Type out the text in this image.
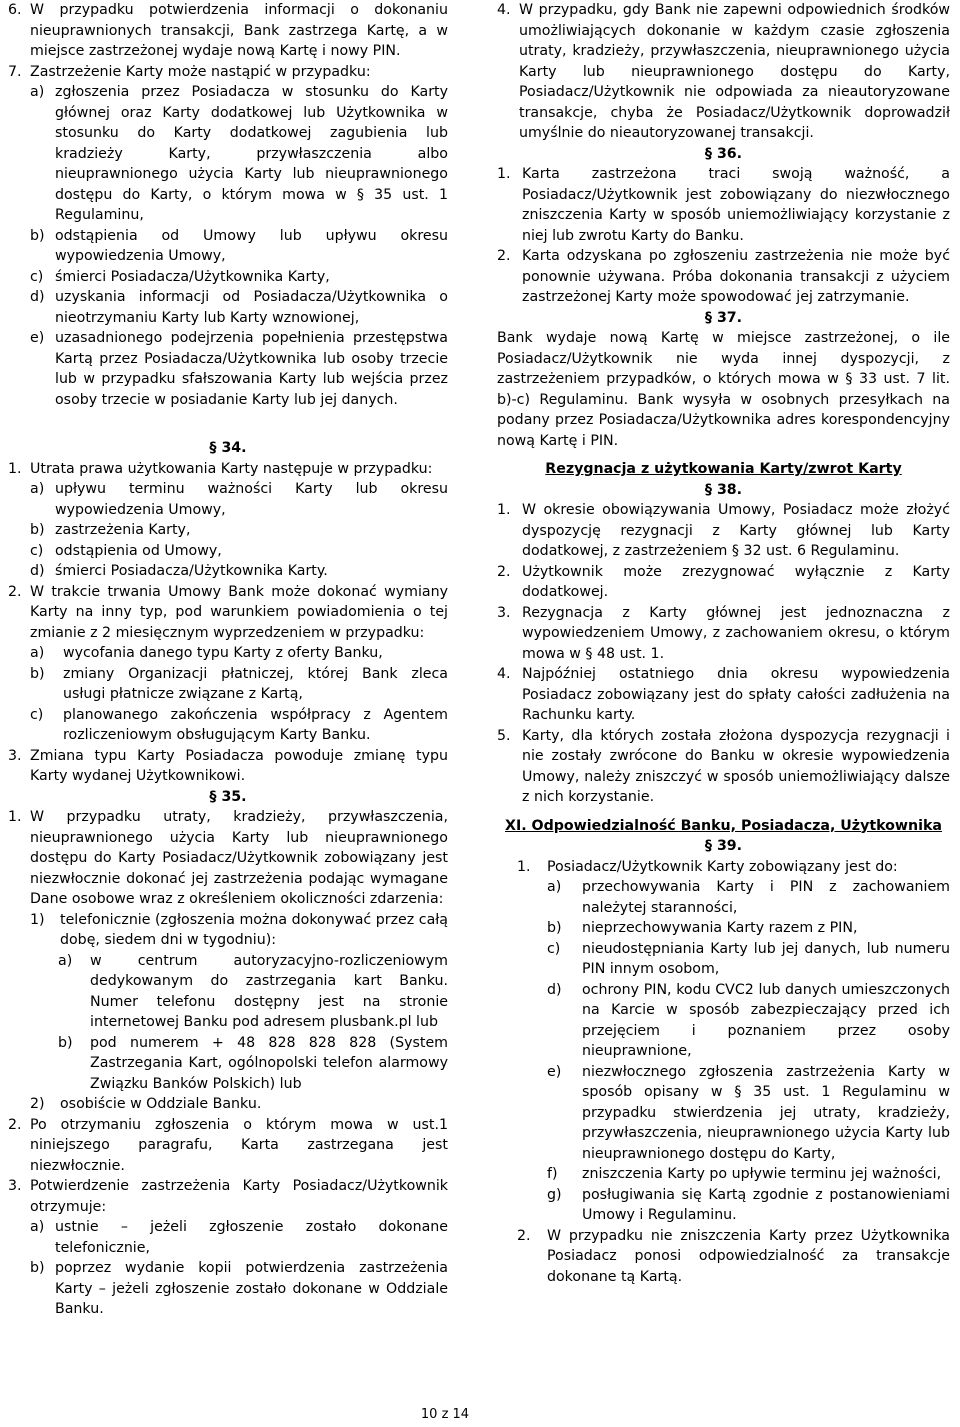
6. W przypadku potwierdzenia informacji o dokonaniu nieuprawnionych transakcji, Bank zastrzega Kartę, a w miejsce zastrzeżonej wydaje nową Kartę i nowy PIN.
7. Zastrzeżenie Karty może nastąpić w przypadku:
a) zgłoszenia przez Posiadacza w stosunku do Karty głównej oraz Karty dodatkowej lub Użytkownika w stosunku do Karty dodatkowej zagubienia lub kradzieży Karty, przywłaszczenia albo nieuprawnionego użycia Karty lub nieuprawnionego dostępu do Karty, o którym mowa w § 35 ust. 1 Regulaminu,
b) odstąpienia od Umowy lub upływu okresu wypowiedzenia Umowy,
c) śmierci Posiadacza/Użytkownika Karty,
d) uzyskania informacji od Posiadacza/Użytkownika o nieotrzymaniu Karty lub Karty wznowionej,
e) uzasadnionego podejrzenia popełnienia przestępstwa Kartą przez Posiadacza/Użytkownika lub osoby trzecie lub w przypadku sfałszowania Karty lub wejścia przez osoby trzecie w posiadanie Karty lub jej danych.

§ 34.

1. Utrata prawa użytkowania Karty następuje w przypadku:
a) upływu terminu ważności Karty lub okresu wypowiedzenia Umowy,
b) zastrzeżenia Karty,
c) odstąpienia od Umowy,
d) śmierci Posiadacza/Użytkownika Karty.
2. W trakcie trwania Umowy Bank może dokonać wymiany Karty na inny typ, pod warunkiem powiadomienia o tej zmianie z 2 miesięcznym wyprzedzeniem w przypadku:
a)	wycofania danego typu Karty z oferty Banku,
b)	zmiany Organizacji płatniczej, której Bank zleca usługi płatnicze związane z Kartą,
c)	planowanego zakończenia współpracy z Agentem rozliczeniowym obsługującym Karty Banku.
3. Zmiana typu Karty Posiadacza powoduje zmianę typu Karty wydanej Użytkownikowi.

§ 35.

1. W przypadku utraty, kradzieży, przywłaszczenia, nieuprawnionego użycia Karty lub nieuprawnionego dostępu do Karty Posiadacz/Użytkownik zobowiązany jest niezwłocznie dokonać jej zastrzeżenia podając wymagane Dane osobowe wraz z określeniem okoliczności zdarzenia:
1)	telefonicznie (zgłoszenia można dokonywać przez całą dobę, siedem dni w tygodniu):
a)	w centrum autoryzacyjno-rozliczeniowym dedykowanym do zastrzegania kart Banku. Numer telefonu dostępny jest na stronie internetowej Banku pod adresem plusbank.pl lub
b)	pod numerem + 48 828 828 828 (System Zastrzegania Kart, ogólnopolski telefon alarmowy Związku Banków Polskich) lub
2)	osobiście w Oddziale Banku.
2. Po otrzymaniu zgłoszenia o którym mowa w ust.1 niniejszego paragrafu, Karta zastrzegana jest niezwłocznie.
3. Potwierdzenie zastrzeżenia Karty Posiadacz/Użytkownik otrzymuje:
a) ustnie – jeżeli zgłoszenie zostało dokonane telefonicznie,
b) poprzez wydanie kopii potwierdzenia zastrzeżenia Karty – jeżeli zgłoszenie zostało dokonane w Oddziale Banku.
4. W przypadku, gdy Bank nie zapewni odpowiednich środków umożliwiających dokonanie w każdym czasie zgłoszenia utraty, kradzieży, przywłaszczenia, nieuprawnionego użycia Karty lub nieuprawnionego dostępu do Karty, Posiadacz/Użytkownik nie odpowiada za nieautoryzowane transakcje, chyba że Posiadacz/Użytkownik doprowadził umyślnie do nieautoryzowanej transakcji.

§ 36.

1. Karta zastrzeżona traci swoją ważność, a Posiadacz/Użytkownik jest zobowiązany do niezwłocznego zniszczenia Karty w sposób uniemożliwiający korzystanie z niej lub zwrotu Karty do Banku.
2. Karta odzyskana po zgłoszeniu zastrzeżenia nie może być ponownie używana. Próba dokonania transakcji z użyciem zastrzeżonej Karty może spowodować jej zatrzymanie.

§ 37.

Bank wydaje nową Kartę w miejsce zastrzeżonej, o ile Posiadacz/Użytkownik nie wyda innej dyspozycji, z zastrzeżeniem przypadków, o których mowa w § 33 ust. 7 lit. b)-c) Regulaminu. Bank wysyła w osobnych przesyłkach na podany przez Posiadacza/Użytkownika adres korespondencyjny nową Kartę i PIN.

Rezygnacja z użytkowania Karty/zwrot Karty

§ 38.

1. W okresie obowiązywania Umowy, Posiadacz może złożyć dyspozycję rezygnacji z Karty głównej lub Karty dodatkowej, z zastrzeżeniem § 32 ust. 6 Regulaminu.
2. Użytkownik może zrezygnować wyłącznie z Karty dodatkowej.
3. Rezygnacja z Karty głównej jest jednoznaczna z wypowiedzeniem Umowy, z zachowaniem okresu, o którym mowa w § 48 ust. 1.
4. Najpóźniej ostatniego dnia okresu wypowiedzenia Posiadacz zobowiązany jest do spłaty całości zadłużenia na Rachunku karty.
5. Karty, dla których została złożona dyspozycja rezygnacji i nie zostały zwrócone do Banku w okresie wypowiedzenia Umowy, należy zniszczyć w sposób uniemożliwiający dalsze z nich korzystanie.

XI. Odpowiedzialność Banku, Posiadacza, Użytkownika

§ 39.

1.	Posiadacz/Użytkownik Karty zobowiązany jest do:
a)	przechowywania Karty i PIN z zachowaniem należytej staranności,
b)	nieprzechowywania Karty razem z PIN,
c)	nieudostępniania Karty lub jej danych, lub numeru PIN innym osobom,
d)	ochrony PIN, kodu CVC2 lub danych umieszczonych na Karcie w sposób zabezpieczający przed ich przejęciem i poznaniem przez osoby nieuprawnione,
e)	niezwłocznego zgłoszenia zastrzeżenia Karty w sposób opisany w § 35 ust. 1 Regulaminu w przypadku stwierdzenia jej utraty, kradzieży, przywłaszczenia, nieuprawnionego użycia Karty lub nieuprawnionego dostępu do Karty,
f)	zniszczenia Karty po upływie terminu jej ważności,
g)	posługiwania się Kartą zgodnie z postanowieniami Umowy i Regulaminu.
2.	W przypadku nie zniszczenia Karty przez Użytkownika Posiadacz ponosi odpowiedzialność za transakcje dokonane tą Kartą.
10 z 14
